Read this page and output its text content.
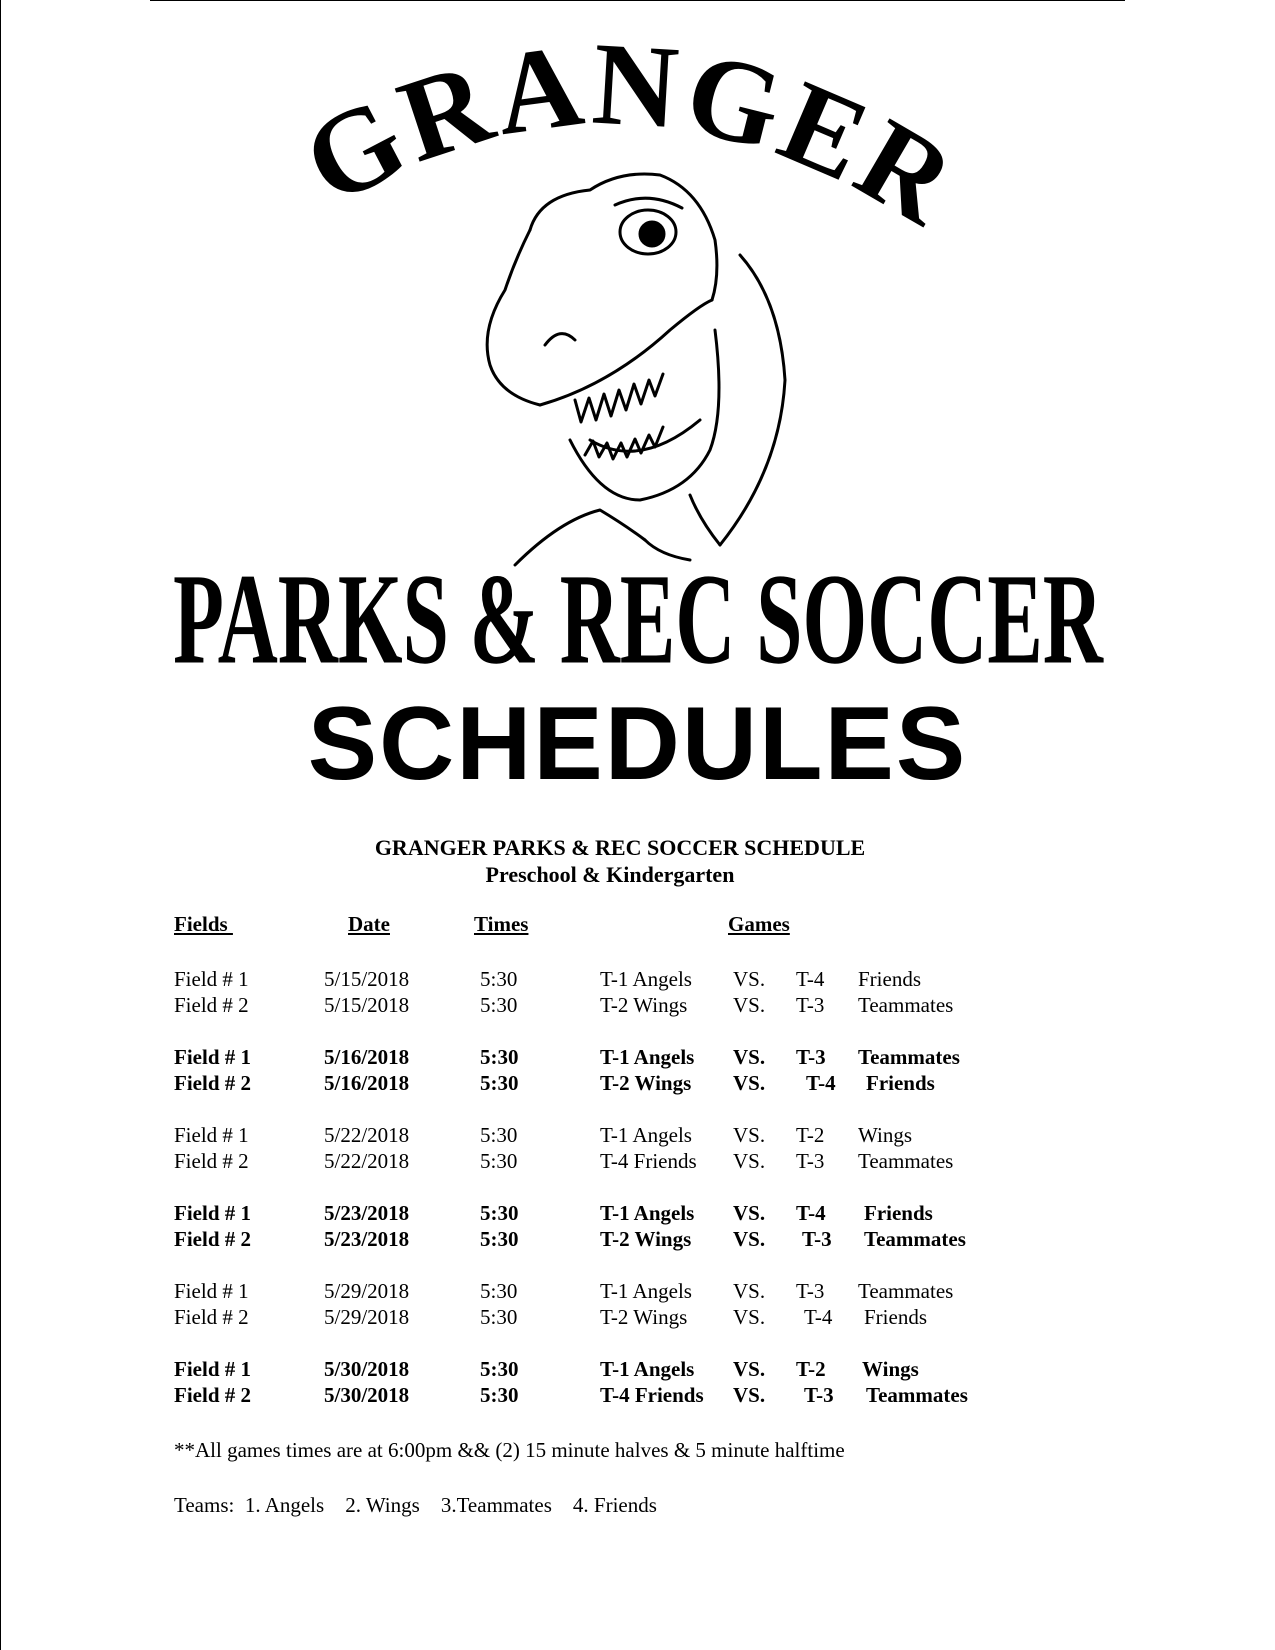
GRANGER
PARKS & REC SOCCER
SCHEDULES
GRANGER PARKS & REC SOCCER SCHEDULE
Preschool & Kindergarten
Fields	Date	Times	Games
Field # 1	5/15/2018	5:30	T-1 Angels VS. T-4 Friends
Field # 2	5/15/2018	5:30	T-2 Wings VS. T-3 Teammates
Field # 1	5/16/2018	5:30	T-1 Angels VS. T-3 Teammates
Field # 2	5/16/2018	5:30	T-2 Wings VS. T-4 Friends
Field # 1	5/22/2018	5:30	T-1 Angels VS. T-2 Wings
Field # 2	5/22/2018	5:30	T-4 Friends VS. T-3 Teammates
Field # 1	5/23/2018	5:30	T-1 Angels VS. T-4 Friends
Field # 2	5/23/2018	5:30	T-2 Wings VS. T-3 Teammates
Field # 1	5/29/2018	5:30	T-1 Angels VS. T-3 Teammates
Field # 2	5/29/2018	5:30	T-2 Wings VS. T-4 Friends
Field # 1	5/30/2018	5:30	T-1 Angels VS. T-2 Wings
Field # 2	5/30/2018	5:30	T-4 Friends VS. T-3 Teammates
**All games times are at 6:00pm && (2) 15 minute halves & 5 minute halftime
Teams: 1. Angels 2. Wings 3.Teammates 4. Friends
